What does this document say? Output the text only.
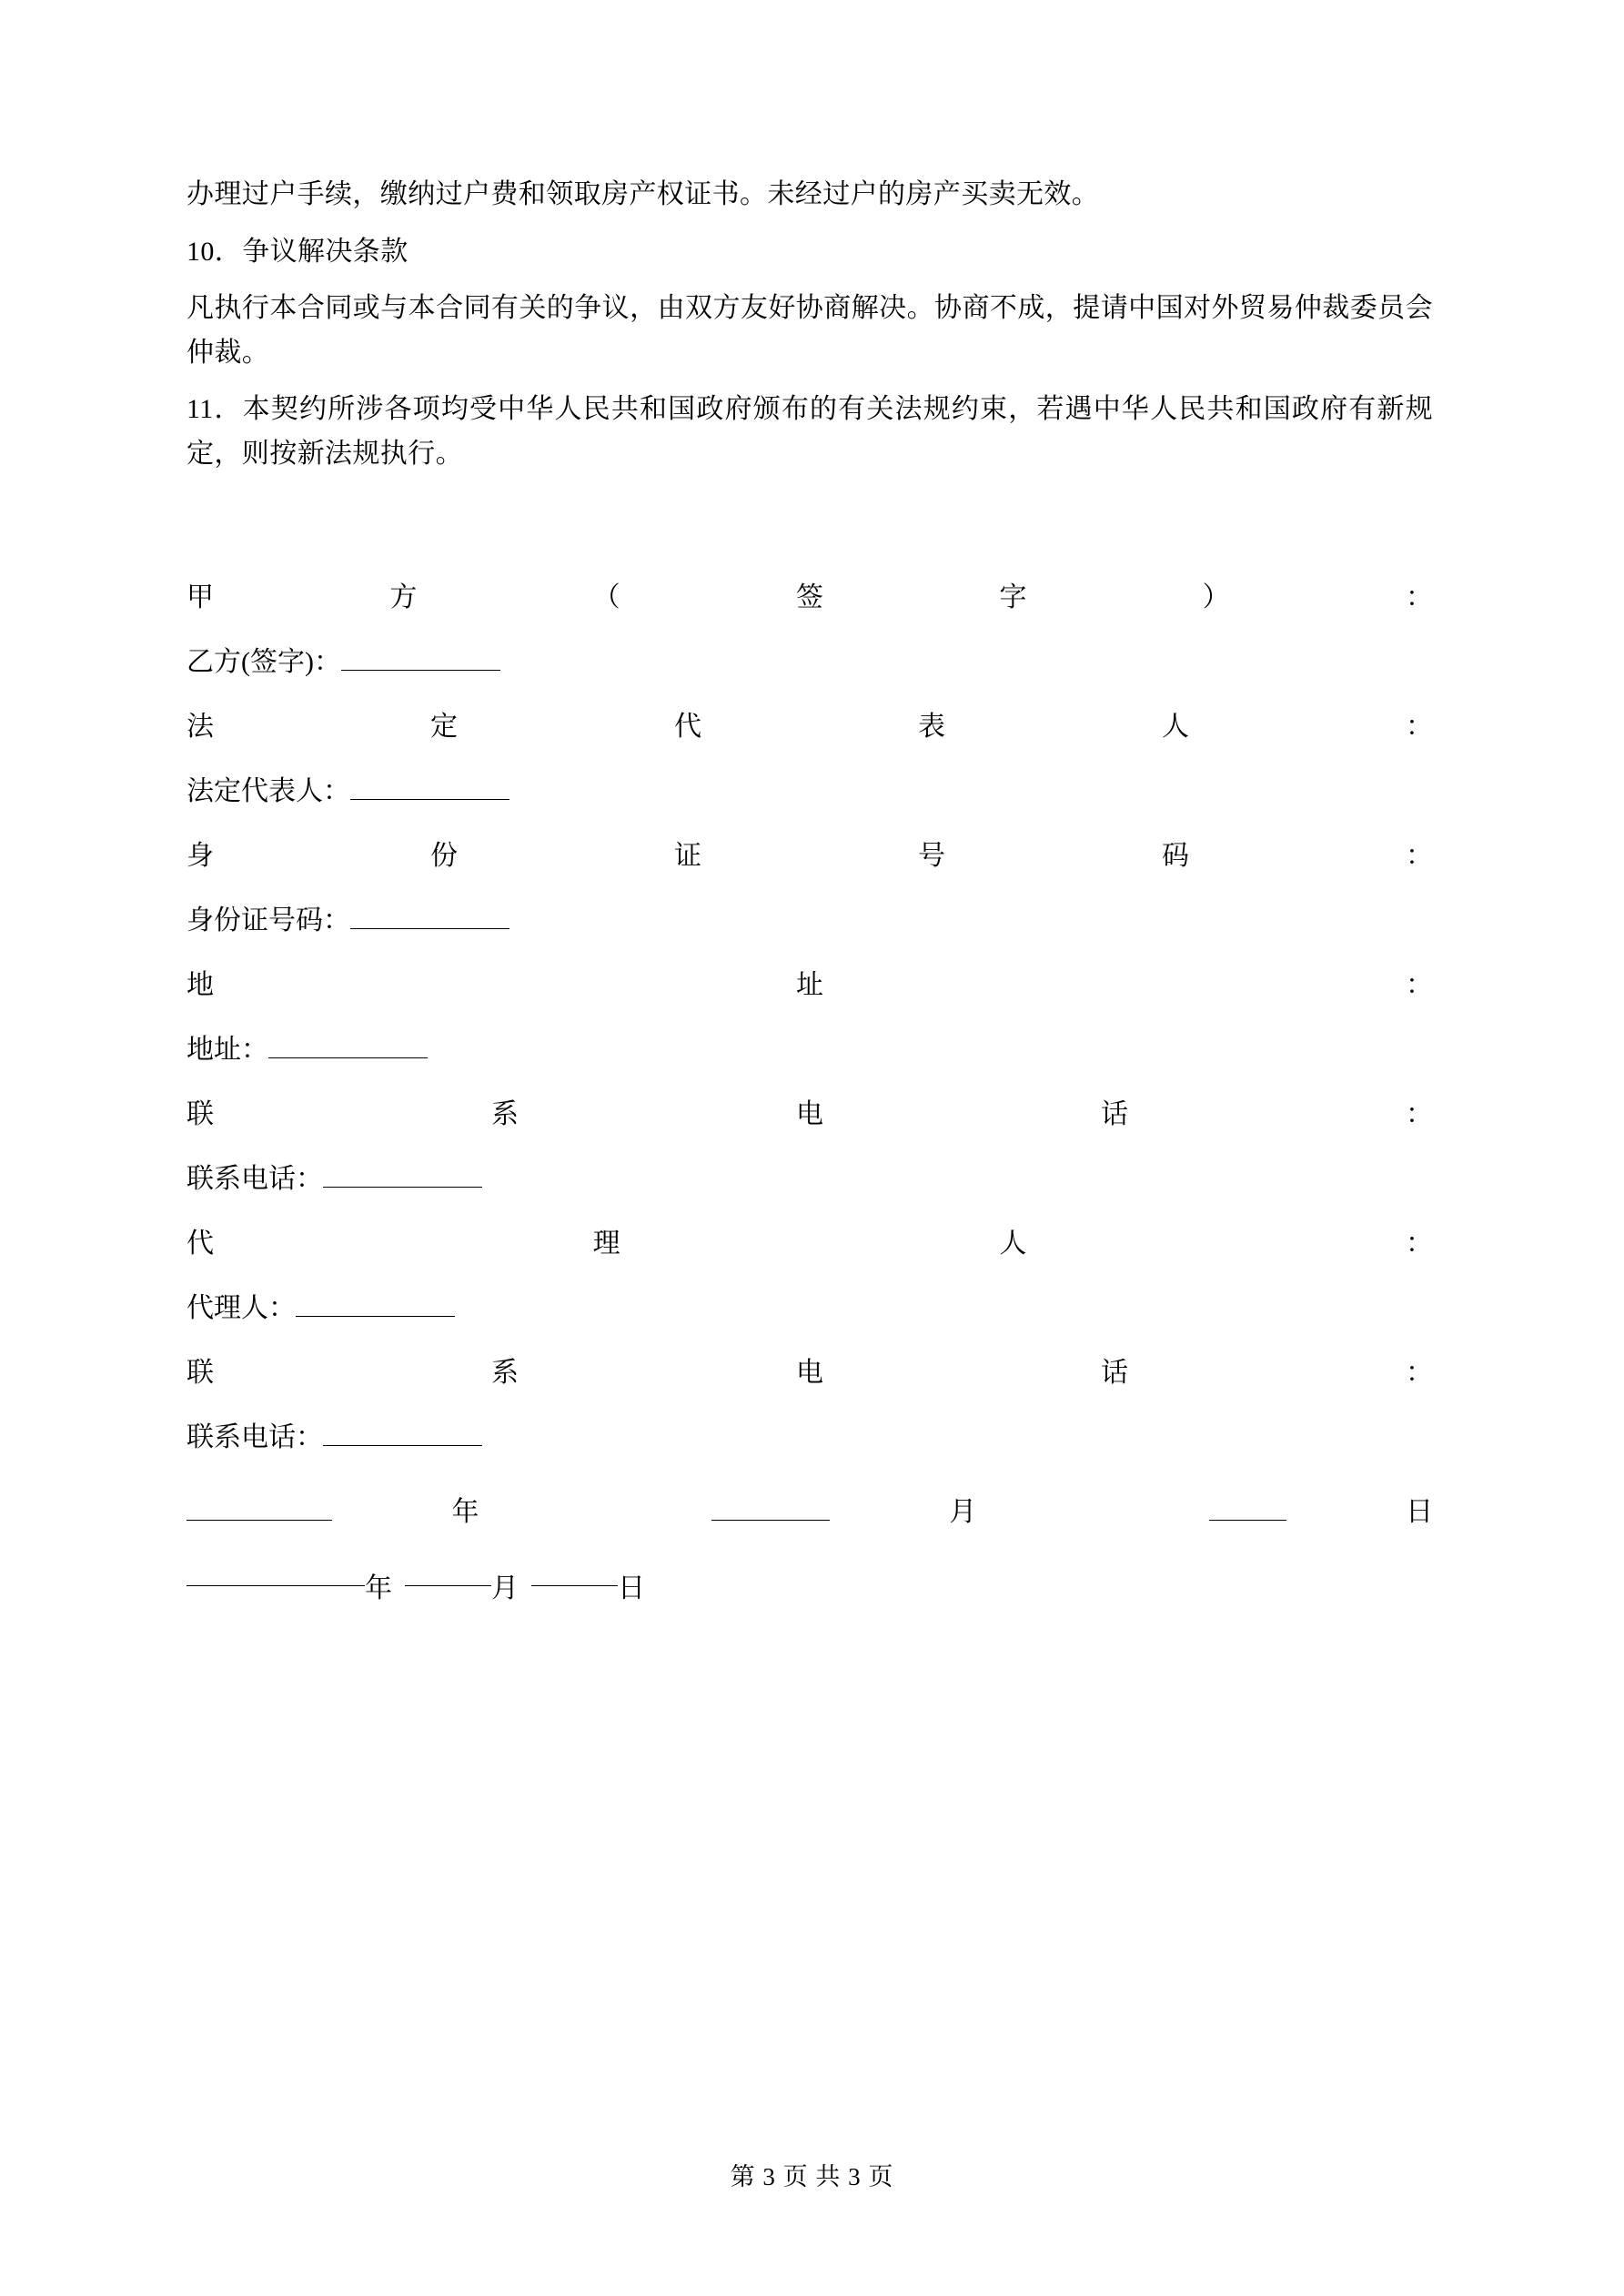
办理过户手续，缴纳过户费和领取房产权证书。未经过户的房产买卖无效。

10．争议解决条款

凡执行本合同或与本合同有关的争议，由双方友好协商解决。协商不成，提请中国对外贸易仲裁委员会仲裁。

11．本契约所涉各项均受中华人民共和国政府颁布的有关法规约束，若遇中华人民共和国政府有新规定，则按新法规执行。

甲 方 （ 签 字 ） ：
乙方(签字)：
法 定 代 表 人 ：
法定代表人：
身 份 证 号 码 ：
身份证号码：
地 址 ：
地址：
联 系 电 话 ：
联系电话：
代 理 人 ：
代理人：
联 系 电 话 ：
联系电话：
年	月	日
年	月	日
第 3 页 共 3 页
